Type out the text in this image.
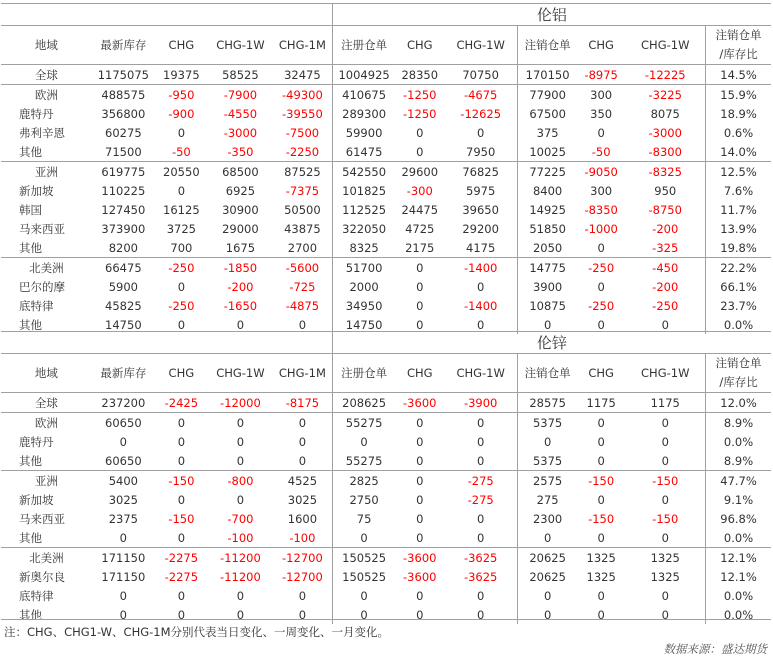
					伦铝						
地域	最新库存	CHG	CHG-1W	CHG-1M	注册仓单	CHG	CHG-1W	注销仓单	CHG	CHG-1W	注销仓单
/库存比

全球	1175075	19375	58525	32475	1004925	28350	70750	170150	-8975	-12225	14.5%
欧洲	488575	-950	-7900	-49300	410675	-1250	-4675	77900	300	-3225	15.9%
鹿特丹	356800	-900	-4550	-39550	289300	-1250	-12625	67500	350	8075	18.9%
弗利辛恩	60275	0	-3000	-7500	59900	0	0	375	0	-3000	0.6%
其他	71500	-50	-350	-2250	61475	0	7950	10025	-50	-8300	14.0%
亚洲	619775	20550	68500	87525	542550	29600	76825	77225	-9050	-8325	12.5%
新加坡	110225	0	6925	-7375	101825	-300	5975	8400	300	950	7.6%
韩国	127450	16125	30900	50500	112525	24475	39650	14925	-8350	-8750	11.7%
马来西亚	373900	3725	29000	43875	322050	4725	29200	51850	-1000	-200	13.9%
其他	8200	700	1675	2700	8325	2175	4175	2050	0	-325	19.8%
北美洲	66475	-250	-1850	-5600	51700	0	-1400	14775	-250	-450	22.2%
巴尔的摩	5900	0	-200	-725	2000	0	0	3900	0	-200	66.1%
底特律	45825	-250	-1650	-4875	34950	0	-1400	10875	-250	-250	23.7%
其他	14750	0	0	0	14750	0	0	0	0	0	0.0%
					伦锌						
地域	最新库存	CHG	CHG-1W	CHG-1M	注册仓单	CHG	CHG-1W	注销仓单	CHG	CHG-1W	注销仓单
/库存比

全球	237200	-2425	-12000	-8175	208625	-3600	-3900	28575	1175	1175	12.0%
欧洲	60650	0	0	0	55275	0	0	5375	0	0	8.9%
鹿特丹	0	0	0	0	0	0	0	0	0	0	0.0%
其他	60650	0	0	0	55275	0	0	5375	0	0	8.9%
亚洲	5400	-150	-800	4525	2825	0	-275	2575	-150	-150	47.7%
新加坡	3025	0	0	3025	2750	0	-275	275	0	0	9.1%
马来西亚	2375	-150	-700	1600	75	0	0	2300	-150	-150	96.8%
其他	0	0	-100	-100	0	0	0	0	0	0	0.0%
北美洲	171150	-2275	-11200	-12700	150525	-3600	-3625	20625	1325	1325	12.1%
新奥尔良	171150	-2275	-11200	-12700	150525	-3600	-3625	20625	1325	1325	12.1%
底特律	0	0	0	0	0	0	0	0	0	0	0.0%
其他	0	0	0	0	0	0	0	0	0	0	0.0%
注：CHG、CHG1-W、CHG-1M分别代表当日变化、一周变化、一月变化。
数据来源：盛达期货
